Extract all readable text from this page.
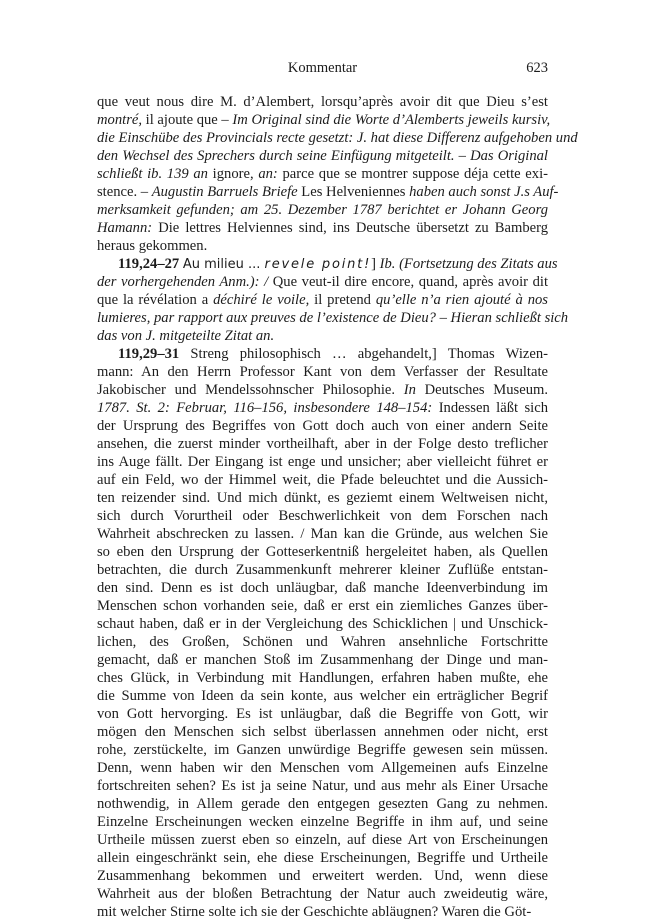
Kommentar	623
que veut nous dire M. d’Alembert, lorsqu’après avoir dit que Dieu s’est
montré, il ajoute que – Im Original sind die Worte d’Alemberts jeweils kursiv,
die Einschübe des Provincials recte gesetzt: J. hat diese Differenz aufgehoben und
den Wechsel des Sprechers durch seine Einfügung mitgeteilt. – Das Original
schließt ib. 139 an ignore, an: parce que se montrer suppose déja cette exi-
stence. – Augustin Barruels Briefe Les Helveniennes haben auch sonst J.s Auf-
merksamkeit gefunden; am 25. Dezember 1787 berichtet er Johann Georg
Hamann: Die lettres Helviennes sind, ins Deutsche übersetzt zu Bamberg
heraus gekommen.
119,24–27 Au milieu ... revele point!] Ib. (Fortsetzung des Zitats aus
der vorhergehenden Anm.): / Que veut-il dire encore, quand, après avoir dit
que la révélation a déchiré le voile, il pretend qu’elle n’a rien ajouté à nos
lumieres, par rapport aux preuves de l’existence de Dieu? – Hieran schließt sich
das von J. mitgeteilte Zitat an.
119,29–31 Streng philosophisch … abgehandelt,] Thomas Wizen-
mann: An den Herrn Professor Kant von dem Verfasser der Resultate
Jakobischer und Mendelssohnscher Philosophie. In Deutsches Museum.
1787. St. 2: Februar, 116–156, insbesondere 148–154: Indessen läßt sich
der Ursprung des Begriffes von Gott doch auch von einer andern Seite
ansehen, die zuerst minder vortheilhaft, aber in der Folge desto treflicher
ins Auge fällt. Der Eingang ist enge und unsicher; aber vielleicht führet er
auf ein Feld, wo der Himmel weit, die Pfade beleuchtet und die Aussich-
ten reizender sind. Und mich dünkt, es geziemt einem Weltweisen nicht,
sich durch Vorurtheil oder Beschwerlichkeit von dem Forschen nach
Wahrheit abschrecken zu lassen. / Man kan die Gründe, aus welchen Sie
so eben den Ursprung der Gotteserkentniß hergeleitet haben, als Quellen
betrachten, die durch Zusammenkunft mehrerer kleiner Zuflüße entstan-
den sind. Denn es ist doch unläugbar, daß manche Ideenverbindung im
Menschen schon vorhanden seie, daß er erst ein ziemliches Ganzes über-
schaut haben, daß er in der Vergleichung des Schicklichen | und Unschick-
lichen, des Großen, Schönen und Wahren ansehnliche Fortschritte
gemacht, daß er manchen Stoß im Zusammenhang der Dinge und man-
ches Glück, in Verbindung mit Handlungen, erfahren haben mußte, ehe
die Summe von Ideen da sein konte, aus welcher ein erträglicher Begrif
von Gott hervorging. Es ist unläugbar, daß die Begriffe von Gott, wir
mögen den Menschen sich selbst überlassen annehmen oder nicht, erst
rohe, zerstückelte, im Ganzen unwürdige Begriffe gewesen sein müssen.
Denn, wenn haben wir den Menschen vom Allgemeinen aufs Einzelne
fortschreiten sehen? Es ist ja seine Natur, und aus mehr als Einer Ursache
nothwendig, in Allem gerade den entgegen gesezten Gang zu nehmen.
Einzelne Erscheinungen wecken einzelne Begriffe in ihm auf, und seine
Urtheile müssen zuerst eben so einzeln, auf diese Art von Erscheinungen
allein eingeschränkt sein, ehe diese Erscheinungen, Begriffe und Urtheile
Zusammenhang bekommen und erweitert werden. Und, wenn diese
Wahrheit aus der bloßen Betrachtung der Natur auch zweideutig wäre,
mit welcher Stirne solte ich sie der Geschichte abläugnen? Waren die Göt-
